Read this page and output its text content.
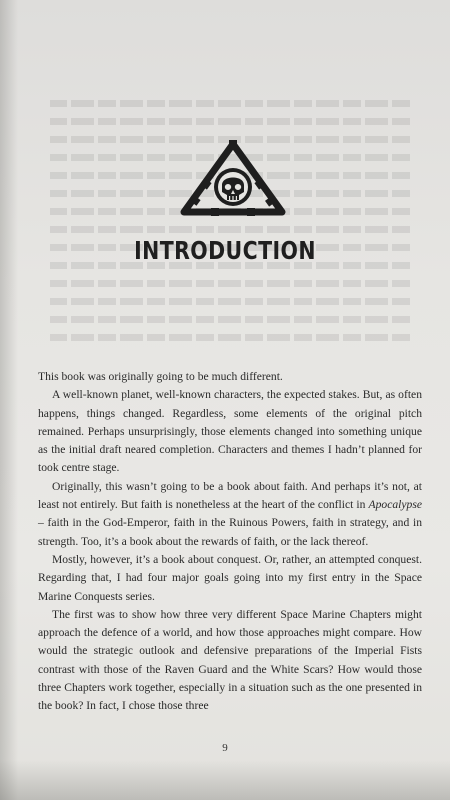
INTRODUCTION

This book was originally going to be much different.

A well-known planet, well-known characters, the expected stakes. But, as often happens, things changed. Regardless, some elements of the original pitch remained. Perhaps unsurprisingly, those elements changed into something unique as the initial draft neared completion. Characters and themes I hadn’t planned for took centre stage.

Originally, this wasn’t going to be a book about faith. And perhaps it’s not, at least not entirely. But faith is nonetheless at the heart of the conflict in Apocalypse – faith in the God-Emperor, faith in the Ruinous Powers, faith in strategy, and in strength. Too, it’s a book about the rewards of faith, or the lack thereof.

Mostly, however, it’s a book about conquest. Or, rather, an attempted conquest. Regarding that, I had four major goals going into my first entry in the Space Marine Conquests series.

The first was to show how three very different Space Marine Chapters might approach the defence of a world, and how those approaches might compare. How would the strategic outlook and defensive preparations of the Imperial Fists contrast with those of the Raven Guard and the White Scars? How would those three Chapters work together, especially in a situation such as the one presented in the book? In fact, I chose those three

9
